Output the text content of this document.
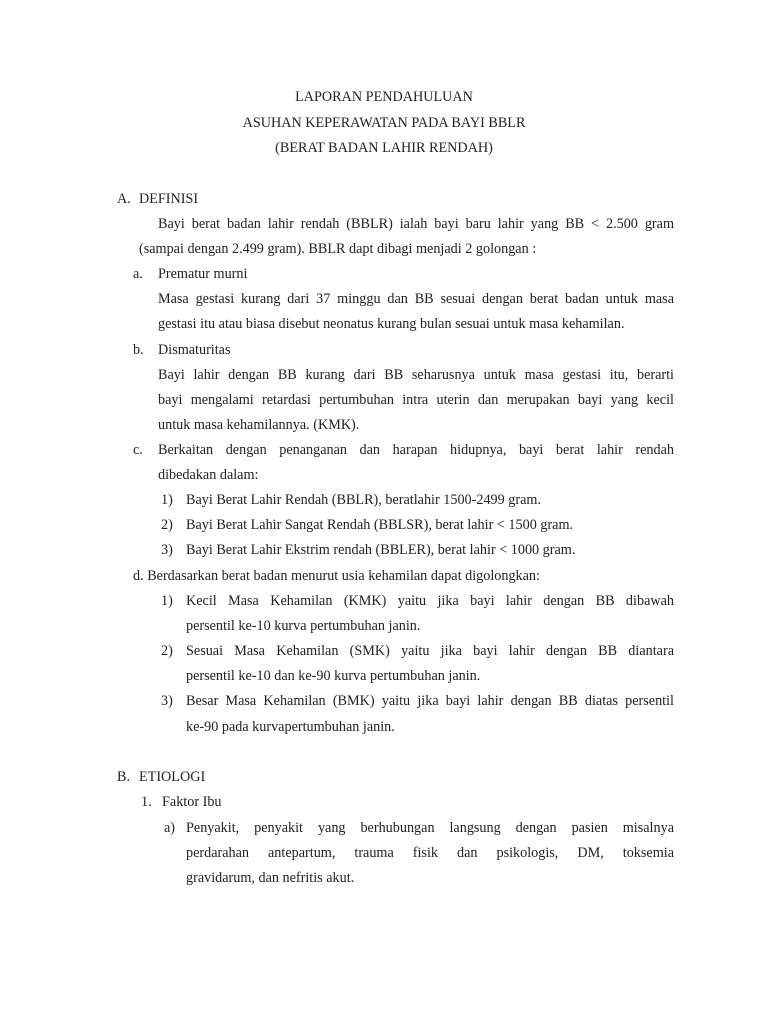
LAPORAN PENDAHULUAN
ASUHAN KEPERAWATAN PADA BAYI BBLR
(BERAT BADAN LAHIR RENDAH)
A. DEFINISI
Bayi berat badan lahir rendah (BBLR) ialah bayi baru lahir yang BB < 2.500 gram
(sampai dengan 2.499 gram). BBLR dapt dibagi menjadi 2 golongan :
a. Prematur murni
Masa gestasi kurang dari 37 minggu dan BB sesuai dengan berat badan untuk masa
gestasi itu atau biasa disebut neonatus kurang bulan sesuai untuk masa kehamilan.
b. Dismaturitas
Bayi lahir dengan BB kurang dari BB seharusnya untuk masa gestasi itu, berarti
bayi mengalami retardasi pertumbuhan intra uterin dan merupakan bayi yang kecil
untuk masa kehamilannya. (KMK).
c. Berkaitan dengan penanganan dan harapan hidupnya, bayi berat lahir rendah
dibedakan dalam:
1) Bayi Berat Lahir Rendah (BBLR), beratlahir 1500-2499 gram.
2) Bayi Berat Lahir Sangat Rendah (BBLSR), berat lahir < 1500 gram.
3) Bayi Berat Lahir Ekstrim rendah (BBLER), berat lahir < 1000 gram.
d. Berdasarkan berat badan menurut usia kehamilan dapat digolongkan:
1) Kecil Masa Kehamilan (KMK) yaitu jika bayi lahir dengan BB dibawah
persentil ke-10 kurva pertumbuhan janin.
2) Sesuai Masa Kehamilan (SMK) yaitu jika bayi lahir dengan BB diantara
persentil ke-10 dan ke-90 kurva pertumbuhan janin.
3) Besar Masa Kehamilan (BMK) yaitu jika bayi lahir dengan BB diatas persentil
ke-90 pada kurvapertumbuhan janin.
B. ETIOLOGI
1. Faktor Ibu
a) Penyakit, penyakit yang berhubungan langsung dengan pasien misalnya
perdarahan antepartum, trauma fisik dan psikologis, DM, toksemia
gravidarum, dan nefritis akut.
